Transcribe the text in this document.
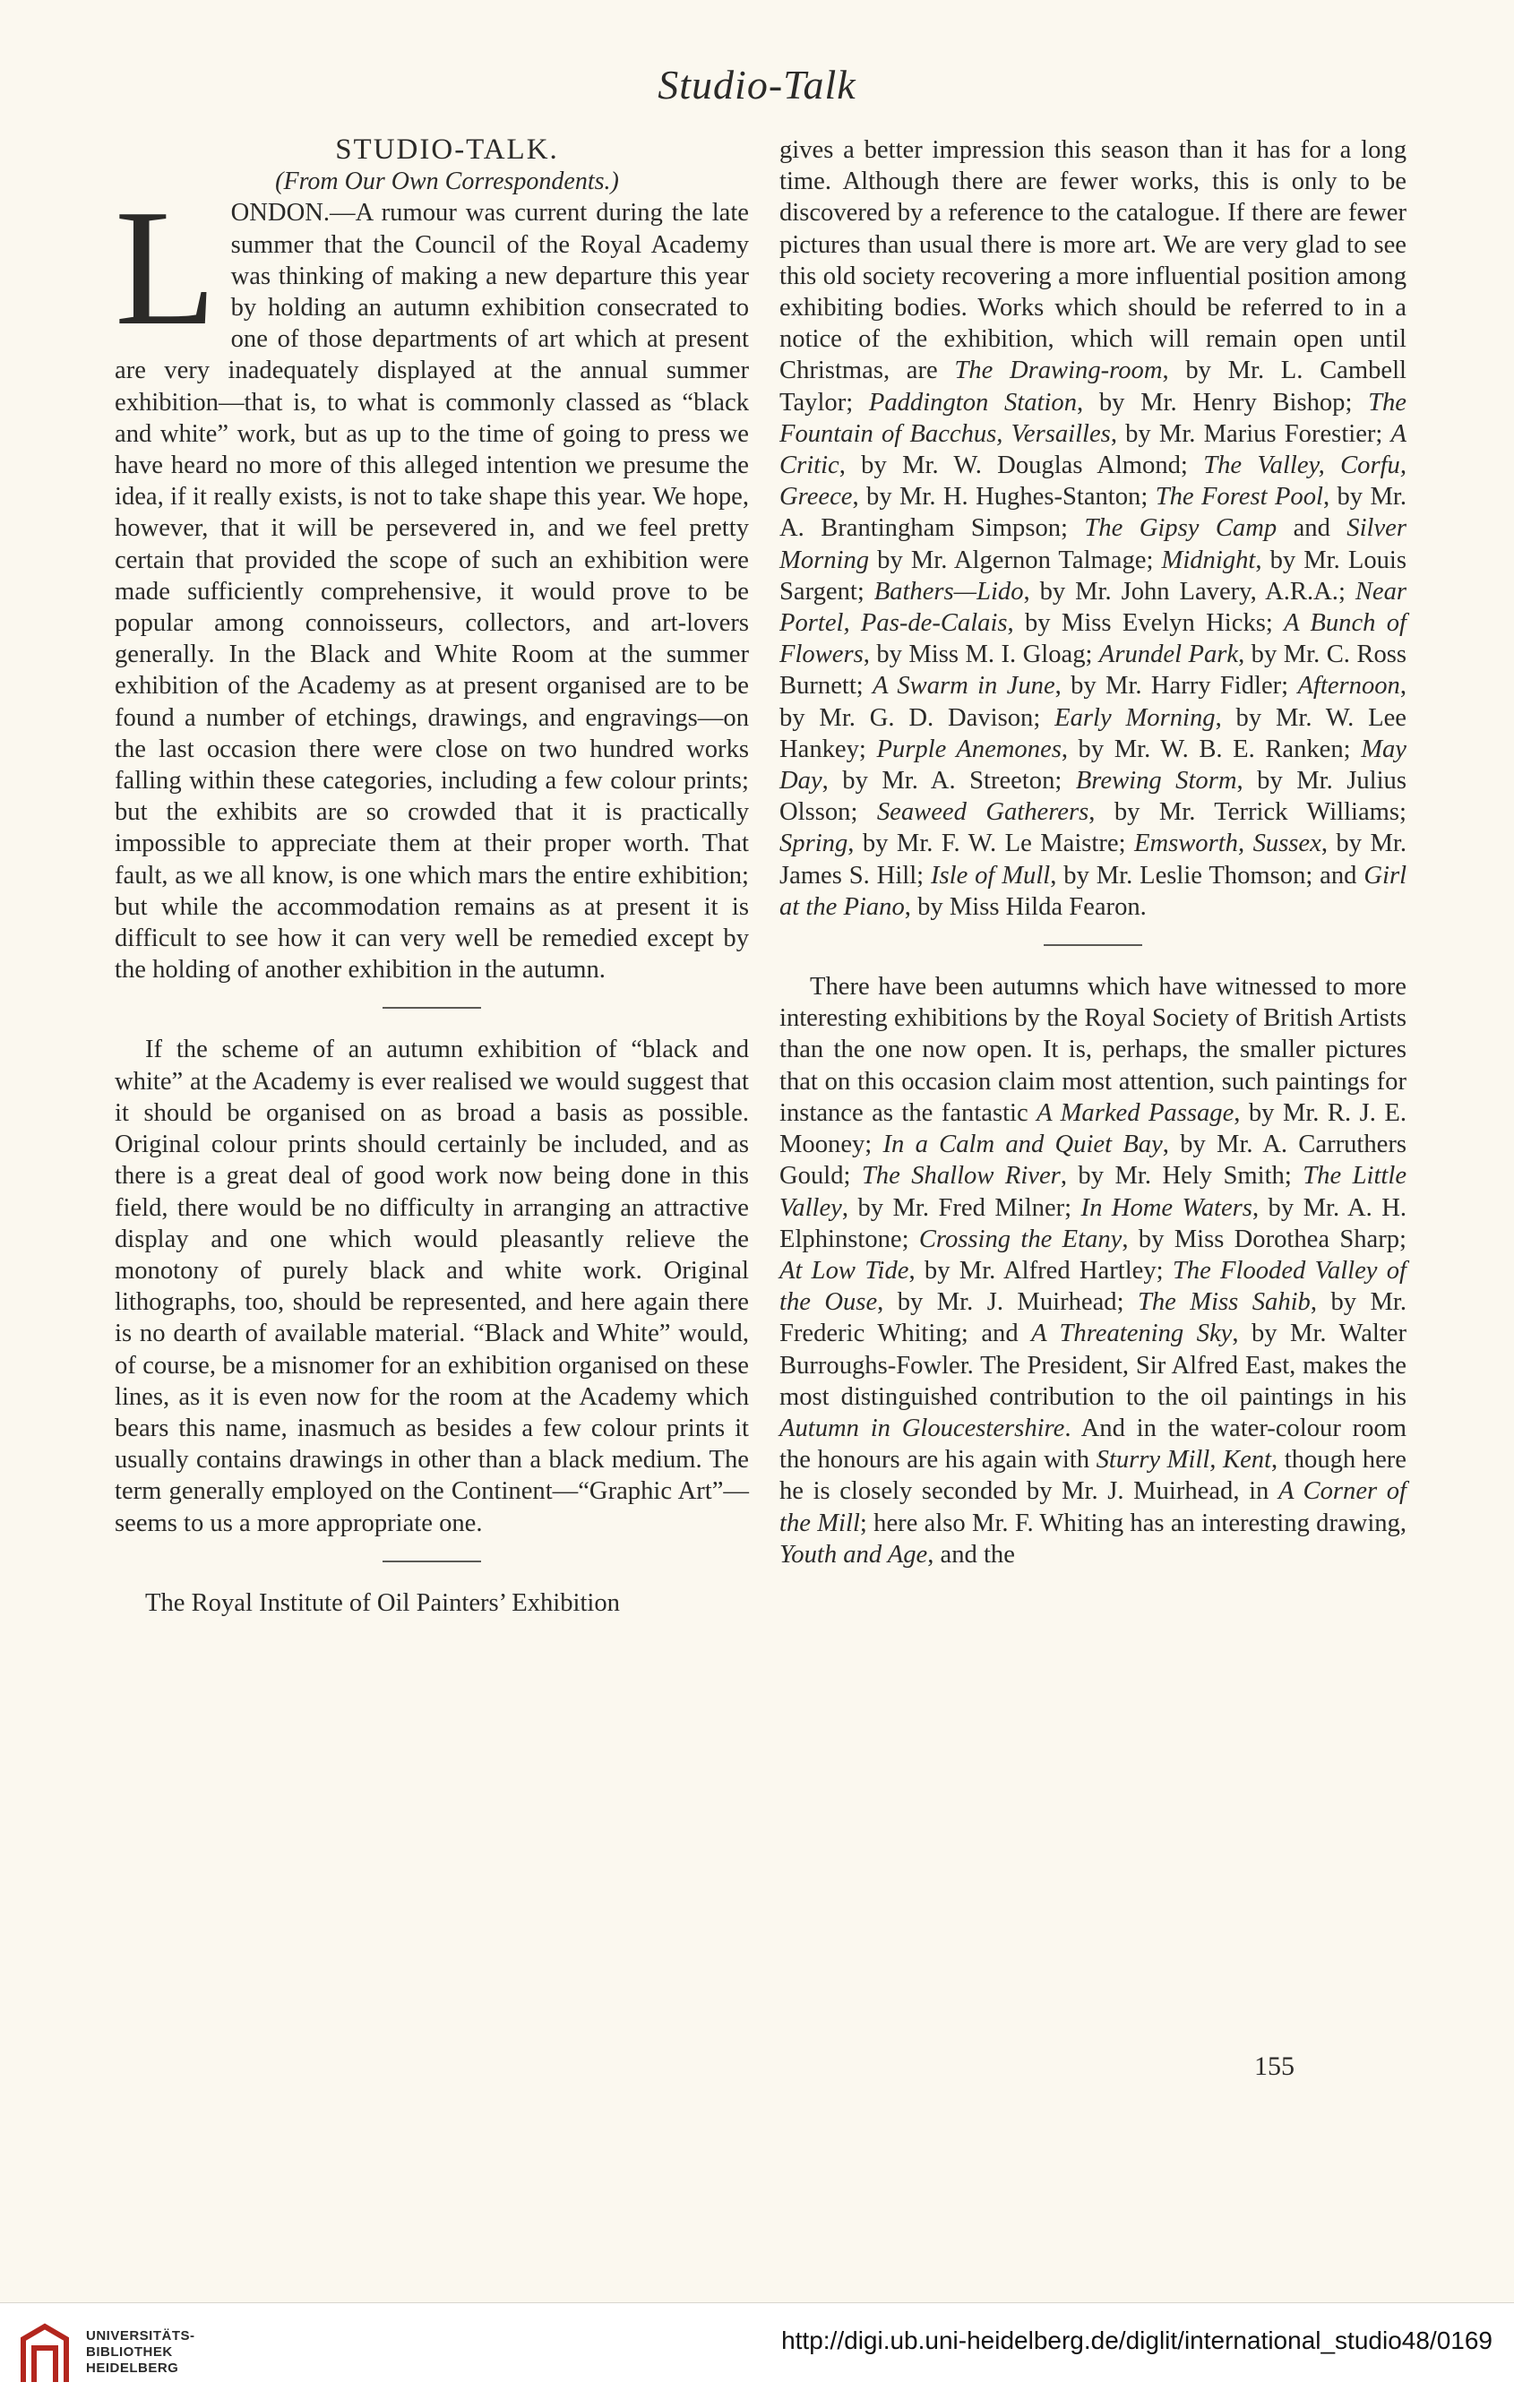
Studio-Talk

STUDIO-TALK.

(From Our Own Correspondents.)

LONDON.—A rumour was current during the late summer that the Council of the Royal Academy was thinking of making a new departure this year by holding an autumn exhibition consecrated to one of those departments of art which at present are very inadequately displayed at the annual summer exhibition—that is, to what is commonly classed as “black and white” work, but as up to the time of going to press we have heard no more of this alleged intention we presume the idea, if it really exists, is not to take shape this year. We hope, however, that it will be persevered in, and we feel pretty certain that provided the scope of such an exhibition were made sufficiently comprehensive, it would prove to be popular among connoisseurs, collectors, and art-lovers generally. In the Black and White Room at the summer exhibition of the Academy as at present organised are to be found a number of etchings, drawings, and engravings—on the last occasion there were close on two hundred works falling within these categories, including a few colour prints; but the exhibits are so crowded that it is practically impossible to appreciate them at their proper worth. That fault, as we all know, is one which mars the entire exhibition; but while the accommodation remains as at present it is difficult to see how it can very well be remedied except by the holding of another exhibition in the autumn.

If the scheme of an autumn exhibition of “black and white” at the Academy is ever realised we would suggest that it should be organised on as broad a basis as possible. Original colour prints should certainly be included, and as there is a great deal of good work now being done in this field, there would be no difficulty in arranging an attractive display and one which would pleasantly relieve the monotony of purely black and white work. Original lithographs, too, should be represented, and here again there is no dearth of available material. “Black and White” would, of course, be a misnomer for an exhibition organised on these lines, as it is even now for the room at the Academy which bears this name, inasmuch as besides a few colour prints it usually contains drawings in other than a black medium. The term generally employed on the Continent—“Graphic Art”—seems to us a more appropriate one.

The Royal Institute of Oil Painters’ Exhibition

gives a better impression this season than it has for a long time. Although there are fewer works, this is only to be discovered by a reference to the catalogue. If there are fewer pictures than usual there is more art. We are very glad to see this old society recovering a more influential position among exhibiting bodies. Works which should be referred to in a notice of the exhibition, which will remain open until Christmas, are The Drawing-room, by Mr. L. Cambell Taylor; Paddington Station, by Mr. Henry Bishop; The Fountain of Bacchus, Versailles, by Mr. Marius Forestier; A Critic, by Mr. W. Douglas Almond; The Valley, Corfu, Greece, by Mr. H. Hughes-Stanton; The Forest Pool, by Mr. A. Brantingham Simpson; The Gipsy Camp and Silver Morning by Mr. Algernon Talmage; Midnight, by Mr. Louis Sargent; Bathers—Lido, by Mr. John Lavery, A.R.A.; Near Portel, Pas-de-Calais, by Miss Evelyn Hicks; A Bunch of Flowers, by Miss M. I. Gloag; Arundel Park, by Mr. C. Ross Burnett; A Swarm in June, by Mr. Harry Fidler; Afternoon, by Mr. G. D. Davison; Early Morning, by Mr. W. Lee Hankey; Purple Anemones, by Mr. W. B. E. Ranken; May Day, by Mr. A. Streeton; Brewing Storm, by Mr. Julius Olsson; Seaweed Gatherers, by Mr. Terrick Williams; Spring, by Mr. F. W. Le Maistre; Emsworth, Sussex, by Mr. James S. Hill; Isle of Mull, by Mr. Leslie Thomson; and Girl at the Piano, by Miss Hilda Fearon.

There have been autumns which have witnessed to more interesting exhibitions by the Royal Society of British Artists than the one now open. It is, perhaps, the smaller pictures that on this occasion claim most attention, such paintings for instance as the fantastic A Marked Passage, by Mr. R. J. E. Mooney; In a Calm and Quiet Bay, by Mr. A. Carruthers Gould; The Shallow River, by Mr. Hely Smith; The Little Valley, by Mr. Fred Milner; In Home Waters, by Mr. A. H. Elphinstone; Crossing the Etany, by Miss Dorothea Sharp; At Low Tide, by Mr. Alfred Hartley; The Flooded Valley of the Ouse, by Mr. J. Muirhead; The Miss Sahib, by Mr. Frederic Whiting; and A Threatening Sky, by Mr. Walter Burroughs-Fowler. The President, Sir Alfred East, makes the most distinguished contribution to the oil paintings in his Autumn in Gloucestershire. And in the water-colour room the honours are his again with Sturry Mill, Kent, though here he is closely seconded by Mr. J. Muirhead, in A Corner of the Mill; here also Mr. F. Whiting has an interesting drawing, Youth and Age, and the

155
UNIVERSITÄTS-
BIBLIOTHEK
HEIDELBERG
http://digi.ub.uni-heidelberg.de/diglit/international_studio48/0169
